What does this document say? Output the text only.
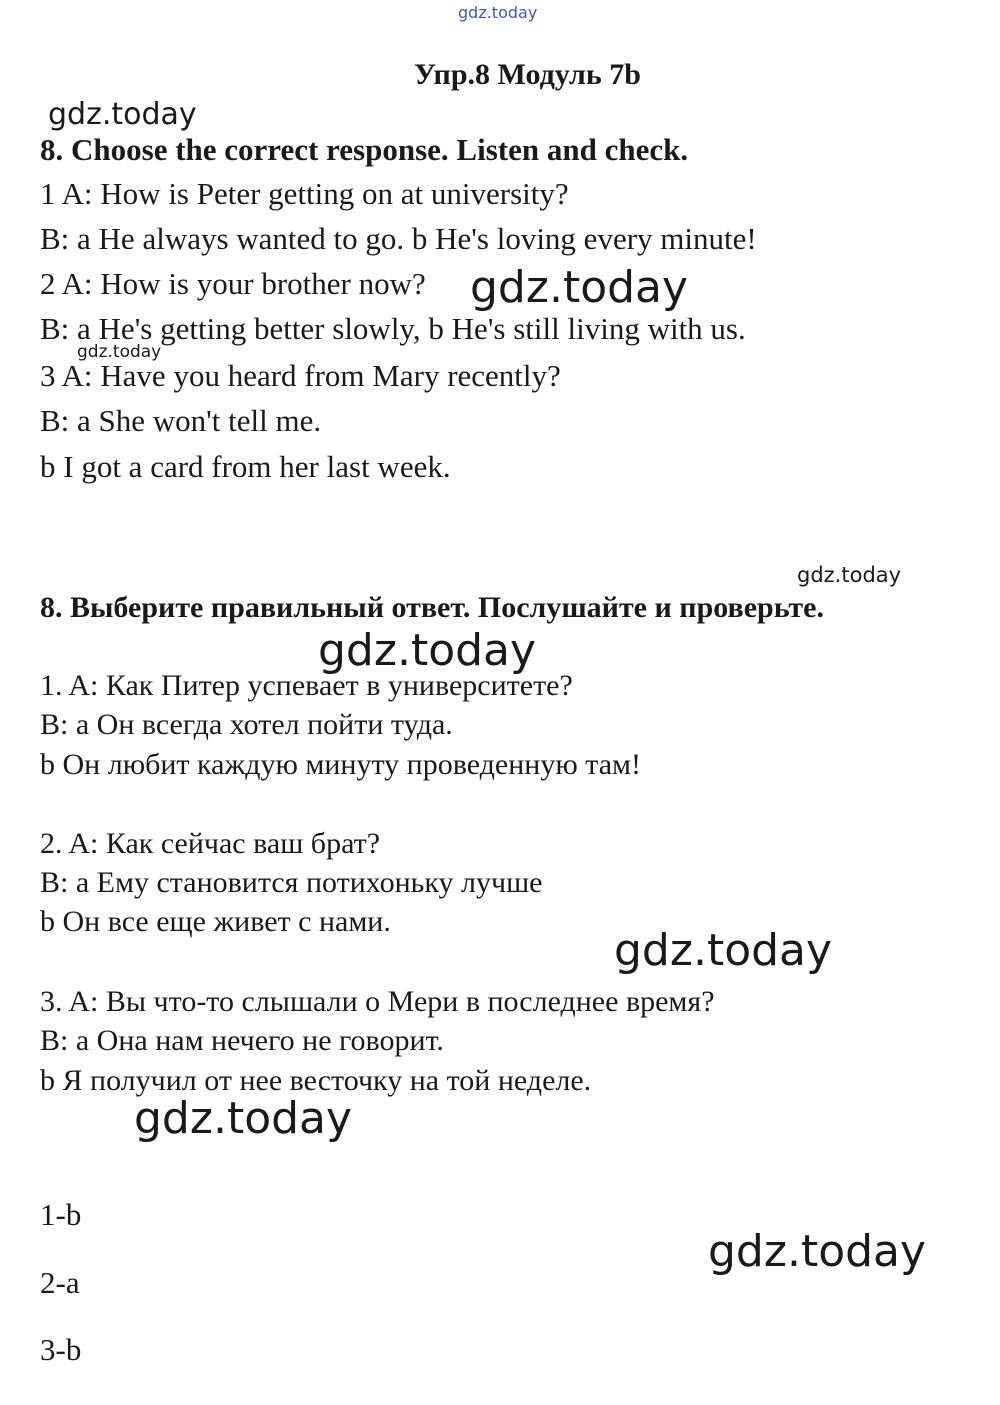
gdz.today
gdz.today
gdz.today
gdz.today
gdz.today
gdz.today
gdz.today
gdz.today
gdz.today
Упр.8 Модуль 7b
8. Choose the correct response. Listen and check.
1 A: How is Peter getting on at university?
B: a He always wanted to go. b He's loving every minute!
2 A: How is your brother now?
B: a He's getting better slowly, b He's still living with us.
3 A: Have you heard from Mary recently?
B: a She won't tell me.
b I got a card from her last week.
8. Выберите правильный ответ. Послушайте и проверьте.
1. A: Как Питер успевает в университете?
B: а Он всегда хотел пойти туда.
b Он любит каждую минуту проведенную там!
2. A: Как сейчас ваш брат?
B: а Ему становится потихоньку лучше
b Он все еще живет с нами.
3. A: Вы что-то слышали о Мери в последнее время?
B: а Она нам нечего не говорит.
b Я получил от нее весточку на той неделе.
1-b
2-a
3-b
